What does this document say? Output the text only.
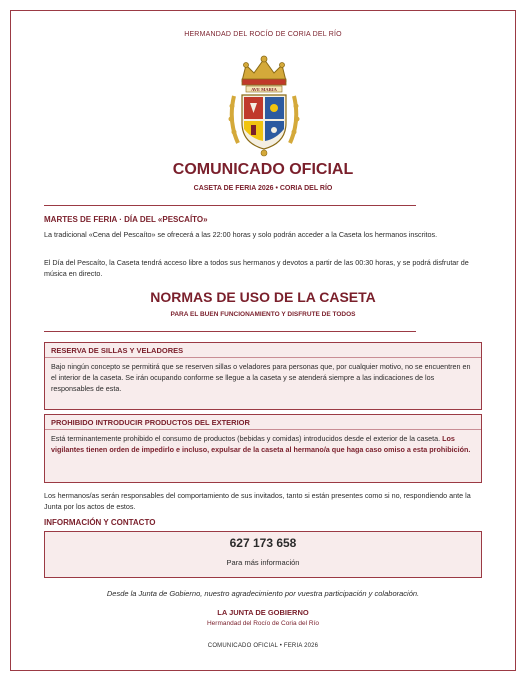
HERMANDAD DEL ROCÍO DE CORIA DEL RÍO
AVE MARIA
COMUNICADO OFICIAL
CASETA DE FERIA 2026 • CORIA DEL RÍO
MARTES DE FERIA · DÍA DEL «PESCAÍTO»
La tradicional «Cena del Pescaíto» se ofrecerá a las 22:00 horas y solo podrán acceder a la Caseta los hermanos inscritos.
El Día del Pescaíto, la Caseta tendrá acceso libre a todos sus hermanos y devotos a partir de las 00:30 horas, y se podrá disfrutar de música en directo.
NORMAS DE USO DE LA CASETA
PARA EL BUEN FUNCIONAMIENTO Y DISFRUTE DE TODOS
RESERVA DE SILLAS Y VELADORES
Bajo ningún concepto se permitirá que se reserven sillas o veladores para personas que, por cualquier motivo, no se encuentren en el interior de la caseta. Se irán ocupando conforme se llegue a la caseta y se atenderá siempre a las indicaciones de los responsables de esta.
PROHIBIDO INTRODUCIR PRODUCTOS DEL EXTERIOR
Está terminantemente prohibido el consumo de productos (bebidas y comidas) introducidos desde el exterior de la caseta. Los vigilantes tienen orden de impedirlo e incluso, expulsar de la caseta al hermano/a que haga caso omiso a esta prohibición.
Los hermanos/as serán responsables del comportamiento de sus invitados, tanto si están presentes como si no, respondiendo ante la Junta por los actos de estos.
INFORMACIÓN Y CONTACTO
627 173 658
Para más información
Desde la Junta de Gobierno, nuestro agradecimiento por vuestra participación y colaboración.
LA JUNTA DE GOBIERNO
Hermandad del Rocío de Coria del Río
COMUNICADO OFICIAL • FERIA 2026
